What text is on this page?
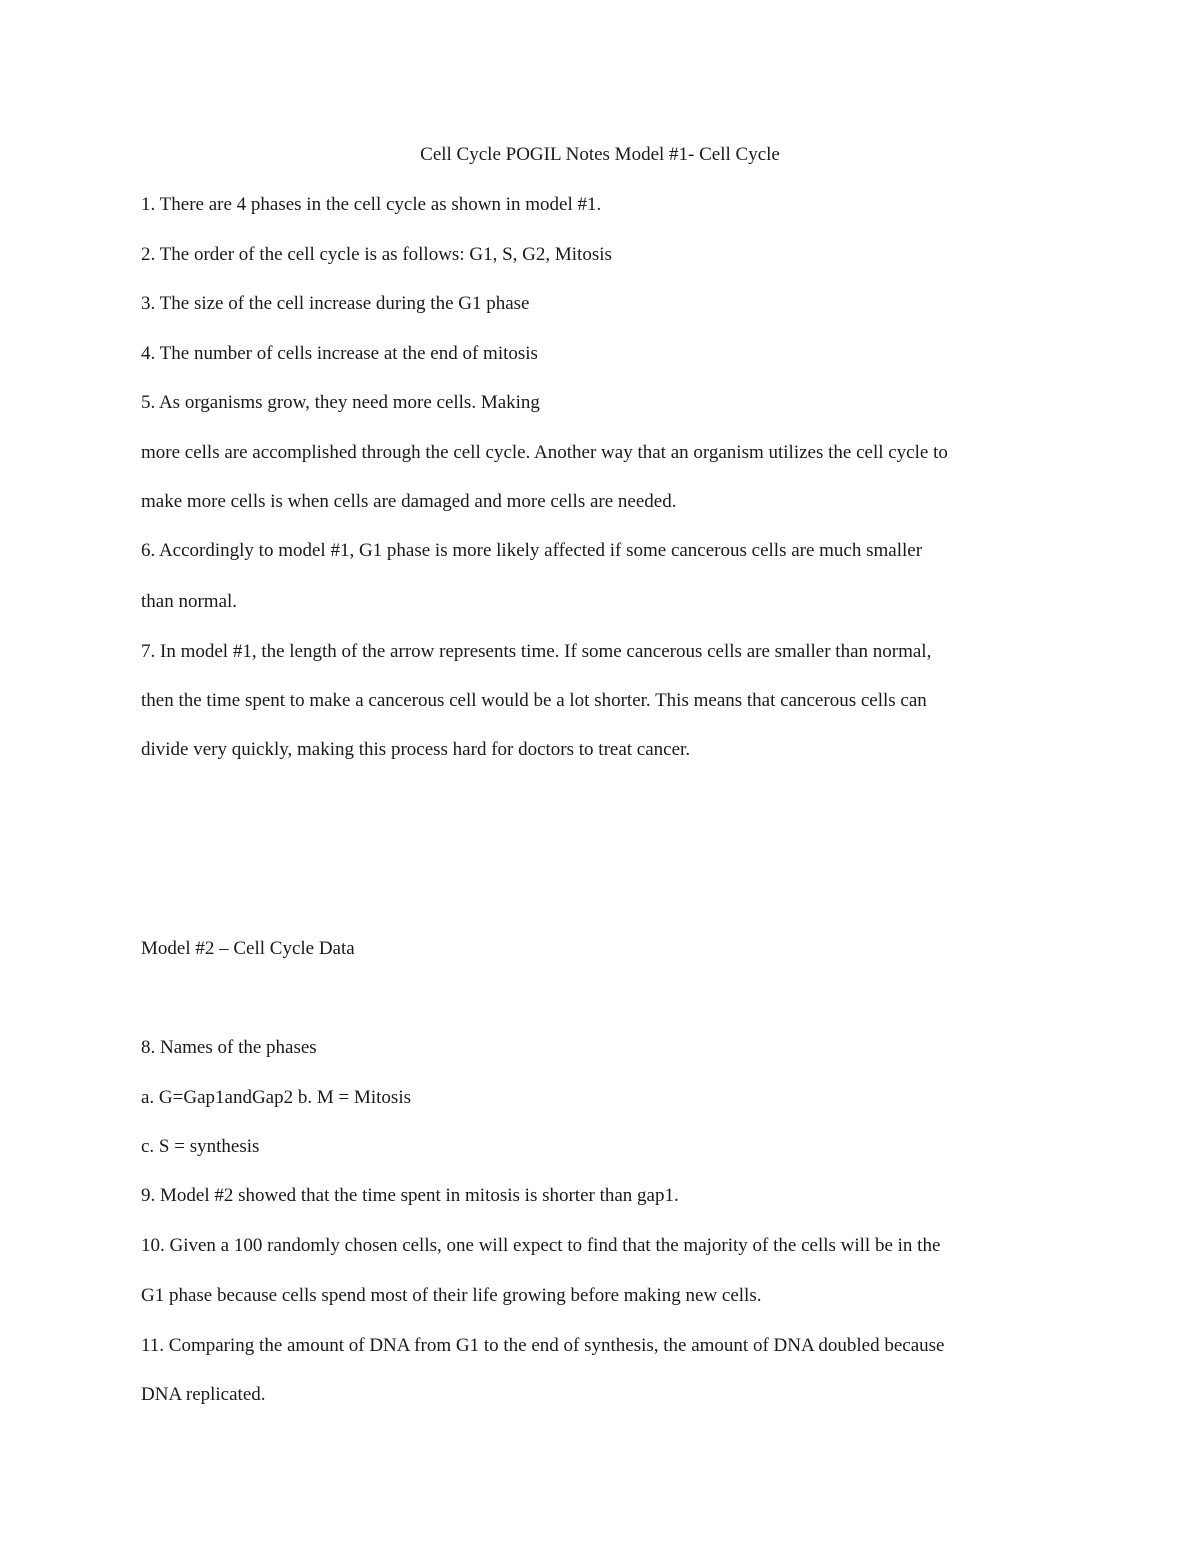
Cell Cycle POGIL Notes Model #1- Cell Cycle
1. There are 4 phases in the cell cycle as shown in model #1.
2. The order of the cell cycle is as follows: G1, S, G2, Mitosis
3. The size of the cell increase during the G1 phase
4. The number of cells increase at the end of mitosis
5. As organisms grow, they need more cells. Making
more cells are accomplished through the cell cycle. Another way that an organism utilizes the cell cycle to
make more cells is when cells are damaged and more cells are needed.
6. Accordingly to model #1, G1 phase is more likely affected if some cancerous cells are much smaller
than normal.
7. In model #1, the length of the arrow represents time. If some cancerous cells are smaller than normal,
then the time spent to make a cancerous cell would be a lot shorter. This means that cancerous cells can
divide very quickly, making this process hard for doctors to treat cancer.
Model #2 – Cell Cycle Data
8. Names of the phases
a. G=Gap1andGap2 b. M = Mitosis
c. S = synthesis
9. Model #2 showed that the time spent in mitosis is shorter than gap1.
10. Given a 100 randomly chosen cells, one will expect to find that the majority of the cells will be in the
G1 phase because cells spend most of their life growing before making new cells.
11. Comparing the amount of DNA from G1 to the end of synthesis, the amount of DNA doubled because
DNA replicated.
